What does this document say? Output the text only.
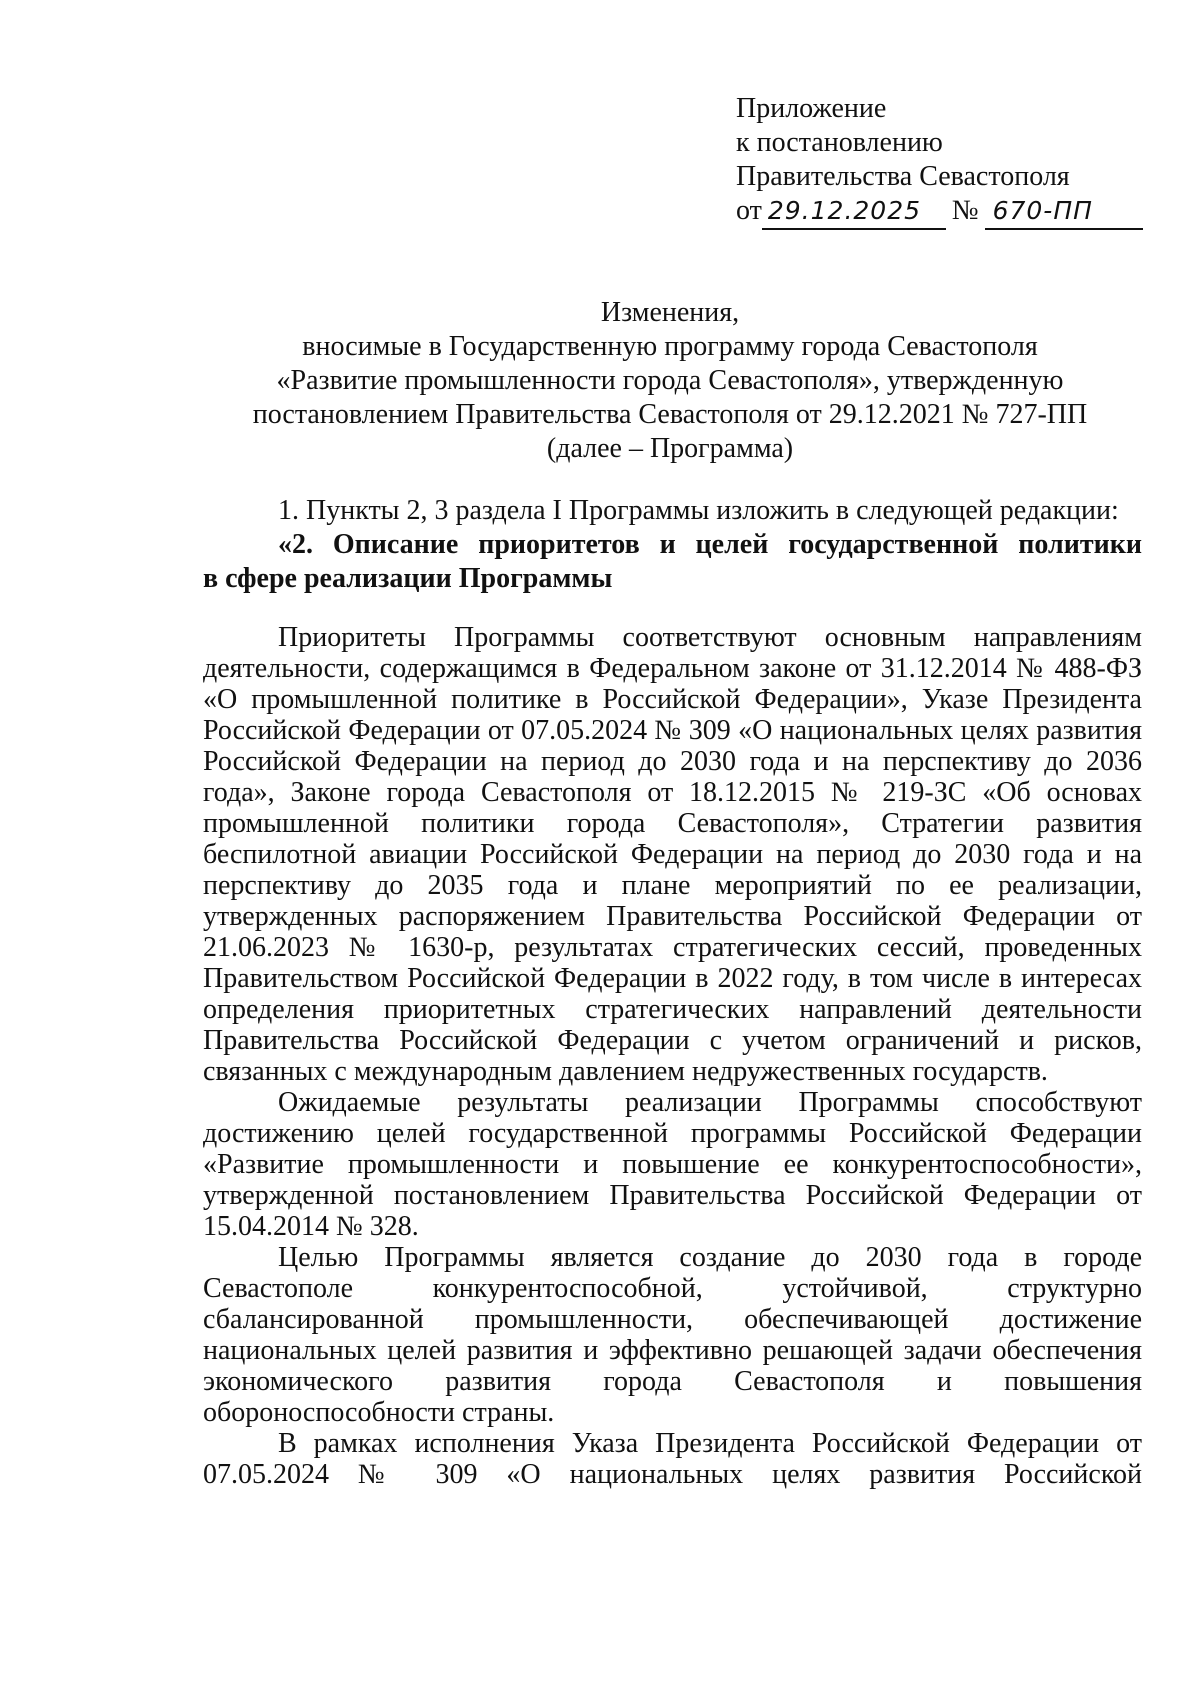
Приложение
к постановлению
Правительства Севастополя
от 29.12.2025 № 670-ПП
Изменения,
вносимые в Государственную программу города Севастополя
«Развитие промышленности города Севастополя», утвержденную
постановлением Правительства Севастополя от 29.12.2021 № 727-ПП
(далее – Программа)
1. Пункты 2, 3 раздела I Программы изложить в следующей редакции:
«2. Описание приоритетов и целей государственной политики
в сфере реализации Программы

Приоритеты Программы соответствуют основным направлениям деятельности, содержащимся в Федеральном законе от 31.12.2014 № 488-ФЗ «О промышленной политике в Российской Федерации», Указе Президента Российской Федерации от 07.05.2024 № 309 «О национальных целях развития Российской Федерации на период до 2030 года и на перспективу до 2036 года», Законе города Севастополя от 18.12.2015 № 219-ЗС «Об основах промышленной политики города Севастополя», Стратегии развития беспилотной авиации Российской Федерации на период до 2030 года и на перспективу до 2035 года и плане мероприятий по ее реализации, утвержденных распоряжением Правительства Российской Федерации от 21.06.2023 № 1630-р, результатах стратегических сессий, проведенных Правительством Российской Федерации в 2022 году, в том числе в интересах определения приоритетных стратегических направлений деятельности Правительства Российской Федерации с учетом ограничений и рисков, связанных с международным давлением недружественных государств.

Ожидаемые результаты реализации Программы способствуют достижению целей государственной программы Российской Федерации «Развитие промышленности и повышение ее конкурентоспособности», утвержденной постановлением Правительства Российской Федерации от 15.04.2014 № 328.

Целью Программы является создание до 2030 года в городе Севастополе конкурентоспособной, устойчивой, структурно сбалансированной промышленности, обеспечивающей достижение национальных целей развития и эффективно решающей задачи обеспечения экономического развития города Севастополя и повышения обороноспособности страны.

В рамках исполнения Указа Президента Российской Федерации от 07.05.2024 № 309 «О национальных целях развития Российской
